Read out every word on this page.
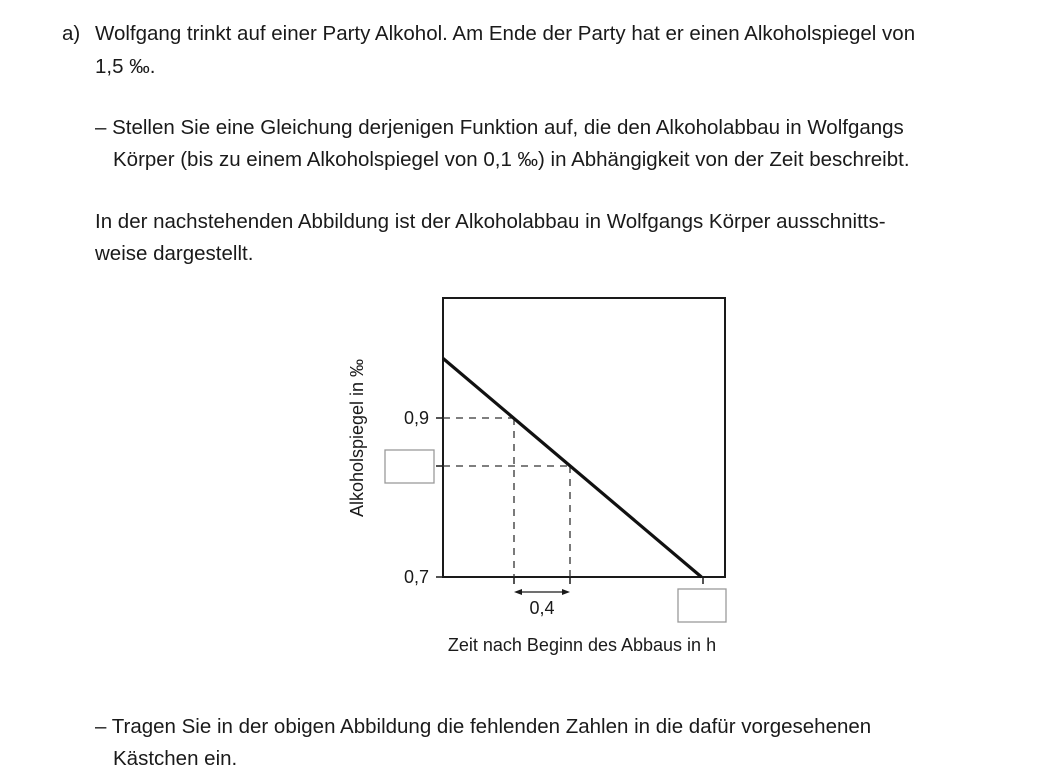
a) Wolfgang trinkt auf einer Party Alkohol. Am Ende der Party hat er einen Alkoholspiegel von
1,5 ‰.
– Stellen Sie eine Gleichung derjenigen Funktion auf, die den Alkoholabbau in Wolfgangs
Körper (bis zu einem Alkoholspiegel von 0,1 ‰) in Abhängigkeit von der Zeit beschreibt.
In der nachstehenden Abbildung ist der Alkoholabbau in Wolfgangs Körper ausschnitts-
weise dargestellt.
0,9
0,7
0,4
Zeit nach Beginn des Abbaus in h
Alkoholspiegel in ‰
– Tragen Sie in der obigen Abbildung die fehlenden Zahlen in die dafür vorgesehenen
Kästchen ein.
